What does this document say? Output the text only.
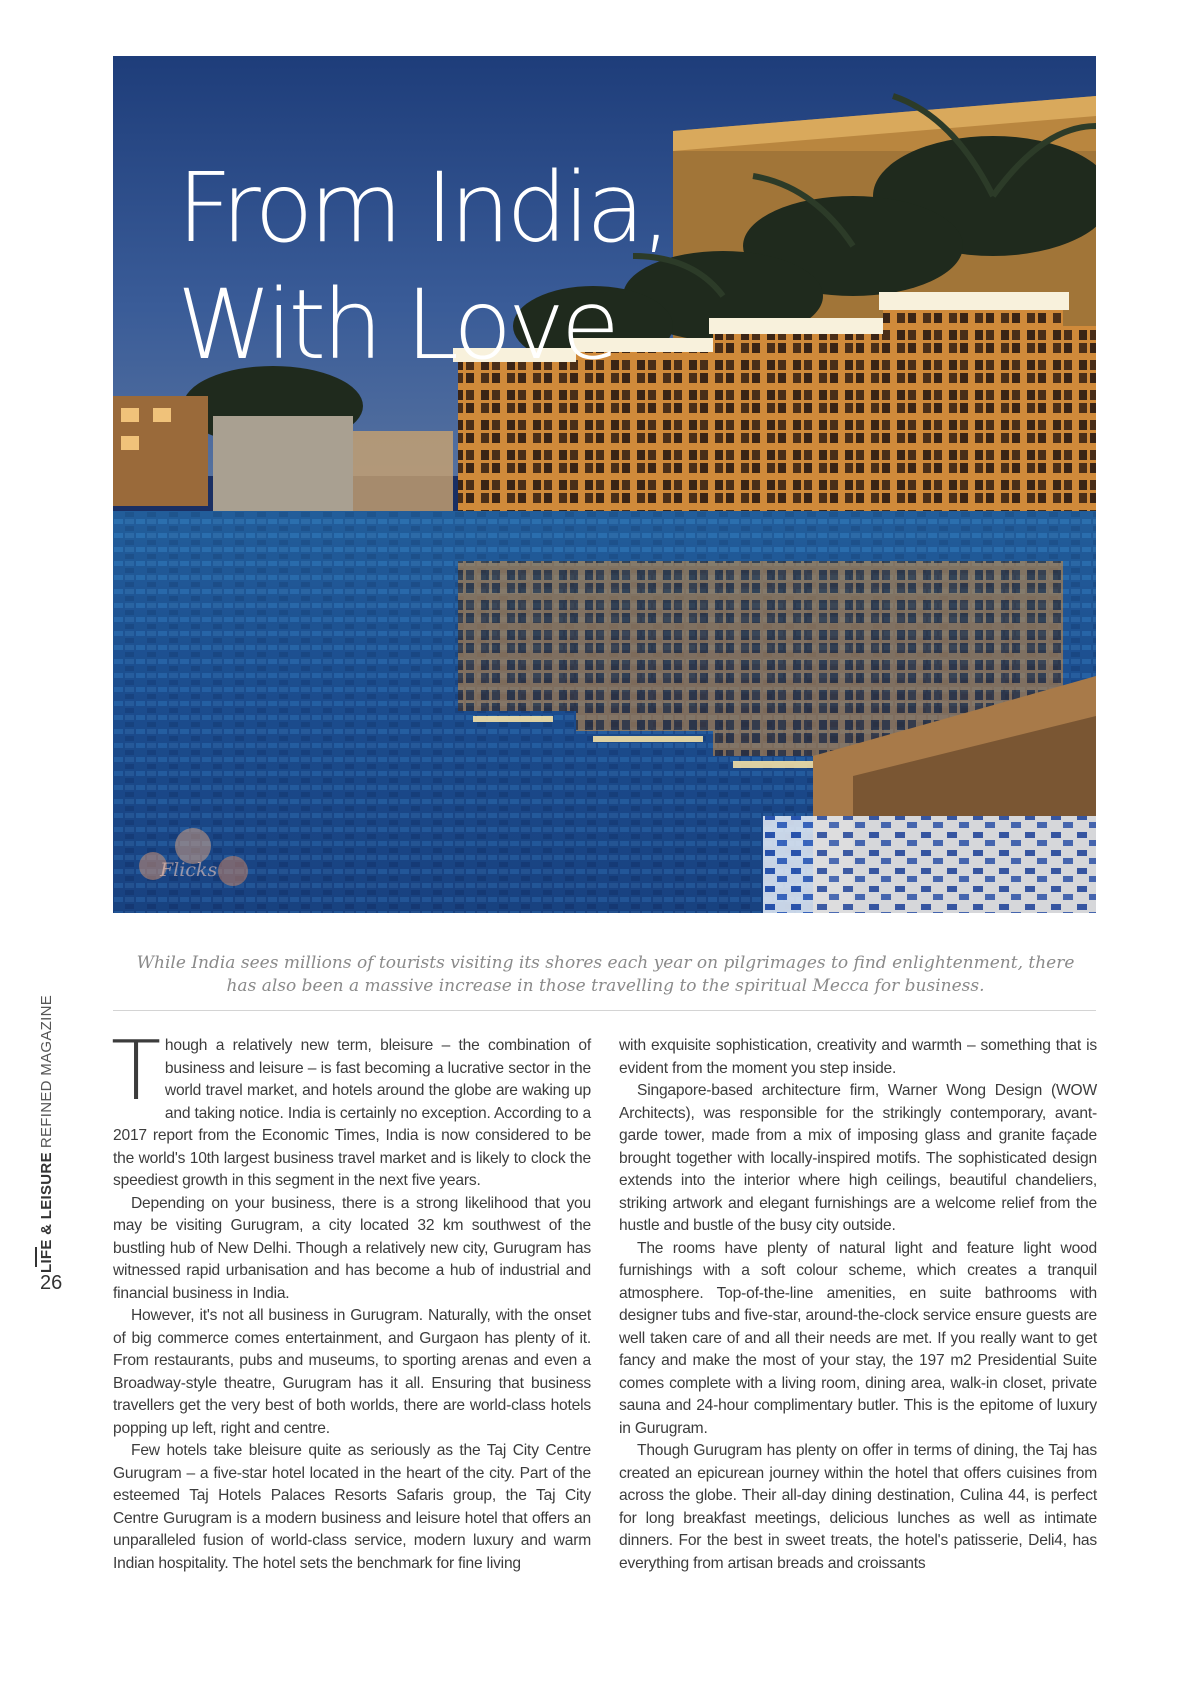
From India,
With Love
Flicks

While India sees millions of tourists visiting its shores each year on pilgrimages to find enlightenment, there has also been a massive increase in those travelling to the spiritual Mecca for business.

LIFE & LEISUREREFINED MAGAZINE
26

Though a relatively new term, bleisure – the combination of business and leisure – is fast becoming a lucrative sector in the world travel market, and hotels around the globe are waking up and taking notice. India is certainly no exception. According to a 2017 report from the Economic Times, India is now considered to be the world's 10th largest business travel market and is likely to clock the speediest growth in this segment in the next five years.

Depending on your business, there is a strong likelihood that you may be visiting Gurugram, a city located 32 km southwest of the bustling hub of New Delhi. Though a relatively new city, Gurugram has witnessed rapid urbanisation and has become a hub of industrial and financial business in India.

However, it's not all business in Gurugram. Naturally, with the onset of big commerce comes entertainment, and Gurgaon has plenty of it. From restaurants, pubs and museums, to sporting arenas and even a Broadway-style theatre, Gurugram has it all. Ensuring that business travellers get the very best of both worlds, there are world-class hotels popping up left, right and centre.

Few hotels take bleisure quite as seriously as the Taj City Centre Gurugram – a five-star hotel located in the heart of the city. Part of the esteemed Taj Hotels Palaces Resorts Safaris group, the Taj City Centre Gurugram is a modern business and leisure hotel that offers an unparalleled fusion of world-class service, modern luxury and warm Indian hospitality. The hotel sets the benchmark for fine living

with exquisite sophistication, creativity and warmth – something that is evident from the moment you step inside.

Singapore-based architecture firm, Warner Wong Design (WOW Architects), was responsible for the strikingly contemporary, avant-garde tower, made from a mix of imposing glass and granite façade brought together with locally-inspired motifs. The sophisticated design extends into the interior where high ceilings, beautiful chandeliers, striking artwork and elegant furnishings are a welcome relief from the hustle and bustle of the busy city outside.

The rooms have plenty of natural light and feature light wood furnishings with a soft colour scheme, which creates a tranquil atmosphere. Top-of-the-line amenities, en suite bathrooms with designer tubs and five-star, around-the-clock service ensure guests are well taken care of and all their needs are met. If you really want to get fancy and make the most of your stay, the 197 m2 Presidential Suite comes complete with a living room, dining area, walk-in closet, private sauna and 24-hour complimentary butler. This is the epitome of luxury in Gurugram.

Though Gurugram has plenty on offer in terms of dining, the Taj has created an epicurean journey within the hotel that offers cuisines from across the globe. Their all-day dining destination, Culina 44, is perfect for long breakfast meetings, delicious lunches as well as intimate dinners. For the best in sweet treats, the hotel's patisserie, Deli4, has everything from artisan breads and croissants
